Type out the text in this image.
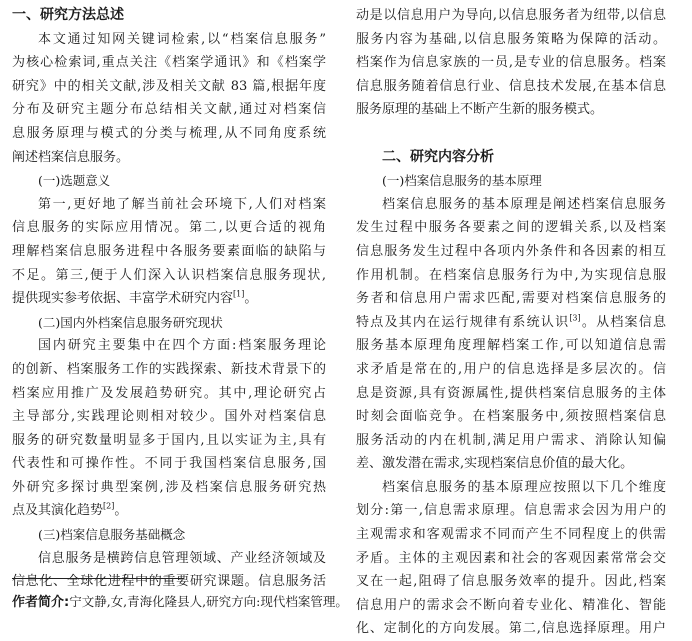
一、研究方法总述
本文通过知网关键词检索,以“档案信息服务”
为核心检索词,重点关注《档案学通讯》和《档案学
研究》中的相关文献,涉及相关文献 83 篇,根据年度
分布及研究主题分布总结相关文献,通过对档案信
息服务原理与模式的分类与梳理,从不同角度系统
阐述档案信息服务。
(一)选题意义
第一,更好地了解当前社会环境下,人们对档案
信息服务的实际应用情况。第二,以更合适的视角
理解档案信息服务进程中各服务要素面临的缺陷与
不足。第三,便于人们深入认识档案信息服务现状,
提供现实参考依据、丰富学术研究内容[1]。
(二)国内外档案信息服务研究现状
国内研究主要集中在四个方面:档案服务理论
的创新、档案服务工作的实践探索、新技术背景下的
档案应用推广及发展趋势研究。其中,理论研究占
主导部分,实践理论则相对较少。国外对档案信息
服务的研究数量明显多于国内,且以实证为主,具有
代表性和可操作性。不同于我国档案信息服务,国
外研究多探讨典型案例,涉及档案信息服务研究热
点及其演化趋势[2]。
(三)档案信息服务基础概念
信息服务是横跨信息管理领域、产业经济领域及
信息化、全球化进程中的重要研究课题。信息服务活
动是以信息用户为导向,以信息服务者为纽带,以信息
服务内容为基础,以信息服务策略为保障的活动。
档案作为信息家族的一员,是专业的信息服务。档案
信息服务随着信息行业、信息技术发展,在基本信息
服务原理的基础上不断产生新的服务模式。
二、研究内容分析
(一)档案信息服务的基本原理
档案信息服务的基本原理是阐述档案信息服务
发生过程中服务各要素之间的逻辑关系,以及档案
信息服务发生过程中各项内外条件和各因素的相互
作用机制。在档案信息服务行为中,为实现信息服
务者和信息用户需求匹配,需要对档案信息服务的
特点及其内在运行规律有系统认识[3]。从档案信息
服务基本原理角度理解档案工作,可以知道信息需
求矛盾是常在的,用户的信息选择是多层次的。信
息是资源,具有资源属性,提供档案信息服务的主体
时刻会面临竞争。在档案服务中,须按照档案信息
服务活动的内在机制,满足用户需求、消除认知偏
差、激发潜在需求,实现档案信息价值的最大化。
档案信息服务的基本原理应按照以下几个维度
划分:第一,信息需求原理。信息需求会因为用户的
主观需求和客观需求不同而产生不同程度上的供需
矛盾。主体的主观因素和社会的客观因素常常会交
叉在一起,阻碍了信息服务效率的提升。因此,档案
信息用户的需求会不断向着专业化、精准化、智能
化、定制化的方向发展。第二,信息选择原理。用户
作者简介:宁文静,女,青海化隆县人,研究方向:现代档案管理。
